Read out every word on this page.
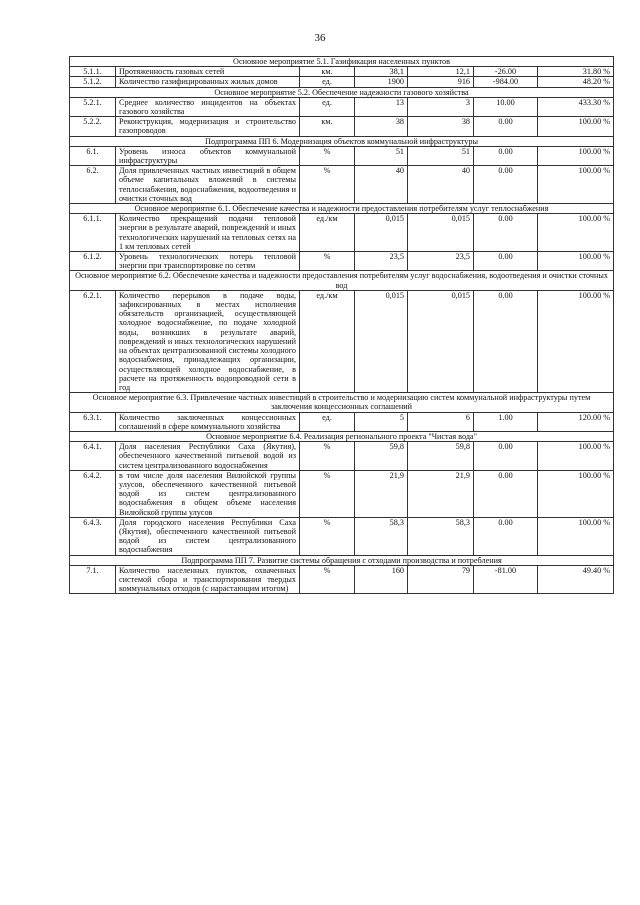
36
Основное мероприятие 5.1. Газификация населенных пунктов						
5.1.1.	Протяженность газовых сетей	км.	38,1	12,1	-26.00	31.80 %
5.1.2.	Количество газифицированных жилых домов	ед.	1900	916	-984.00	48.20 %
Основное мероприятие 5.2. Обеспечение надежности газового хозяйства						
5.2.1.	Среднее количество инцидентов на объектах газового хозяйства	ед.	13	3	10.00	433.30 %
5.2.2.	Реконструкция, модернизация и строительство газопроводов	км.	38	38	0.00	100.00 %
Подпрограмма ПП 6. Модернизация объектов коммунальной инфраструктуры						
6.1.	Уровень износа объектов коммунальной инфраструктуры	%	51	51	0.00	100.00 %
6.2.	Доля привлеченных частных инвестиций в общем объеме капитальных вложений в системы теплоснабжения, водоснабжения, водоотведения и очистки сточных вод	%	40	40	0.00	100.00 %
Основное мероприятие 6.1. Обеспечение качества и надежности предоставления потребителям услуг теплоснабжения						
6.1.1.	Количество прекращений подачи тепловой энергии в результате аварий, повреждений и иных технологических нарушений на тепловых сетях на 1 км тепловых сетей	ед./км	0,015	0,015	0.00	100.00 %
6.1.2.	Уровень технологических потерь тепловой энергии при транспортировке по сетям	%	23,5	23,5	0.00	100.00 %
Основное мероприятие 6.2. Обеспечение качества и надежности предоставления потребителям услуг водоснабжения, водоотведения и очистки сточных вод						
6.2.1.	Количество перерывов в подаче воды, зафиксированных в местах исполнения обязательств организацией, осуществляющей холодное водоснабжение, по подаче холодной воды, возникших в результате аварий, повреждений и иных технологических нарушений на объектах централизованной системы холодного водоснабжения, принадлежащих организации, осуществляющей холодное водоснабжение, в расчете на протяженность водопроводной сети в год	ед./км	0,015	0,015	0.00	100.00 %
Основное мероприятие 6.3. Привлечение частных инвестиций в строительство и модернизацию систем коммунальной инфраструктуры путем заключения концессионных соглашений						
6.3.1.	Количество заключенных концессионных соглашений в сфере коммунального хозяйства	ед.	5	6	1.00	120.00 %
Основное мероприятие 6.4. Реализация регионального проекта "Чистая вода"						
6.4.1.	Доля населения Республики Саха (Якутия), обеспеченного качественной питьевой водой из систем централизованного водоснабжения	%	59,8	59,8	0.00	100.00 %
6.4.2.	в том числе доля населения Вилюйской группы улусов, обеспеченного качественной питьевой водой из систем централизованного водоснабжения в общем объеме населения Вилюйской группы улусов	%	21,9	21,9	0.00	100.00 %
6.4.3.	Доля городского населения Республики Саха (Якутия), обеспеченного качественной питьевой водой из систем централизованного водоснабжения	%	58,3	58,3	0.00	100.00 %
Подпрограмма ПП 7. Развитие системы обращения с отходами производства и потребления						
7.1.	Количество населенных пунктов, охваченных системой сбора и транспортирования твердых коммунальных отходов (с нарастающим итогом)	%	160	79	-81.00	49.40 %
